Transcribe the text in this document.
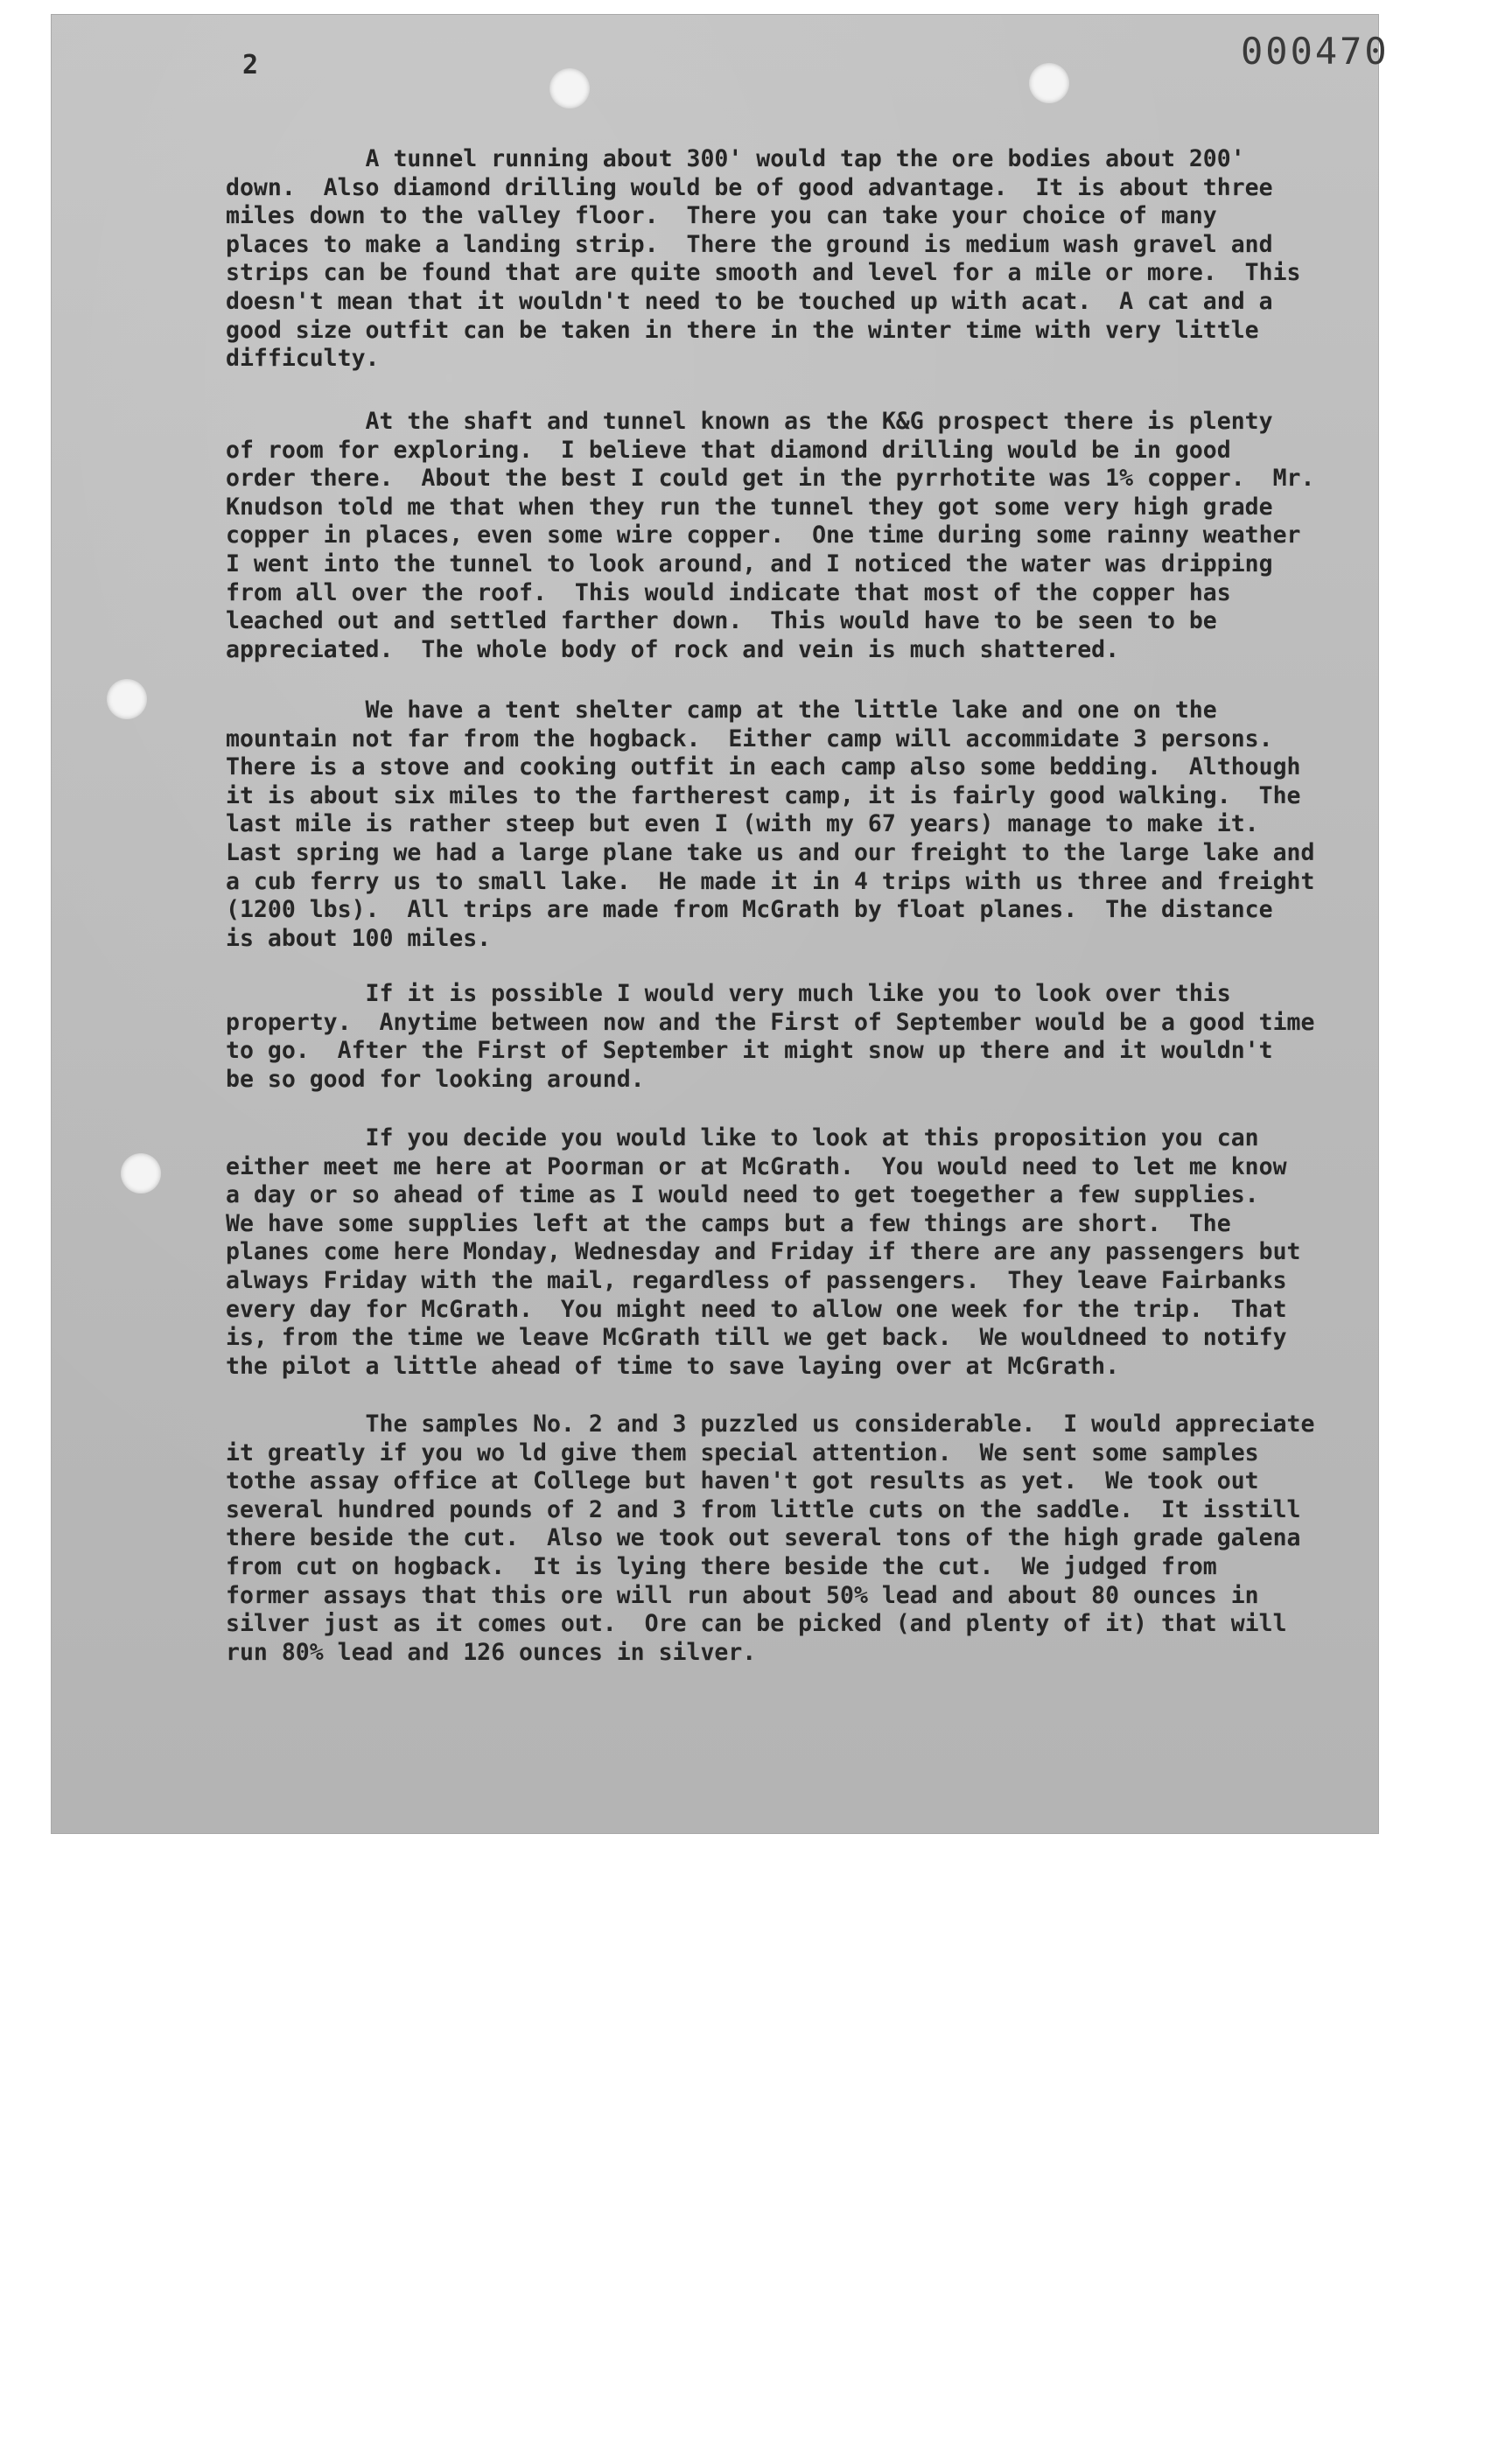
2	000470

A tunnel running about 300' would tap the ore bodies about 200'
down.  Also diamond drilling would be of good advantage.  It is about three
miles down to the valley floor.  There you can take your choice of many
places to make a landing strip.  There the ground is medium wash gravel and
strips can be found that are quite smooth and level for a mile or more.  This
doesn't mean that it wouldn't need to be touched up with acat.  A cat and a
good size outfit can be taken in there in the winter time with very little
difficulty.

At the shaft and tunnel known as the K&G prospect there is plenty
of room for exploring.  I believe that diamond drilling would be in good
order there.  About the best I could get in the pyrrhotite was 1% copper.  Mr.
Knudson told me that when they run the tunnel they got some very high grade
copper in places, even some wire copper.  One time during some rainny weather
I went into the tunnel to look around, and I noticed the water was dripping
from all over the roof.  This would indicate that most of the copper has
leached out and settled farther down.  This would have to be seen to be
appreciated.  The whole body of rock and vein is much shattered.

We have a tent shelter camp at the little lake and one on the
mountain not far from the hogback.  Either camp will accommidate 3 persons.
There is a stove and cooking outfit in each camp also some bedding.  Although
it is about six miles to the fartherest camp, it is fairly good walking.  The
last mile is rather steep but even I (with my 67 years) manage to make it.
Last spring we had a large plane take us and our freight to the large lake and
a cub ferry us to small lake.  He made it in 4 trips with us three and freight
(1200 lbs).  All trips are made from McGrath by float planes.  The distance
is about 100 miles.

If it is possible I would very much like you to look over this
property.  Anytime between now and the First of September would be a good time
to go.  After the First of September it might snow up there and it wouldn't
be so good for looking around.

If you decide you would like to look at this proposition you can
either meet me here at Poorman or at McGrath.  You would need to let me know
a day or so ahead of time as I would need to get toegether a few supplies.
We have some supplies left at the camps but a few things are short.  The
planes come here Monday, Wednesday and Friday if there are any passengers but
always Friday with the mail, regardless of passengers.  They leave Fairbanks
every day for McGrath.  You might need to allow one week for the trip.  That
is, from the time we leave McGrath till we get back.  We wouldneed to notify
the pilot a little ahead of time to save laying over at McGrath.

The samples No. 2 and 3 puzzled us considerable.  I would appreciate
it greatly if you wo ld give them special attention.  We sent some samples
tothe assay office at College but haven't got results as yet.  We took out
several hundred pounds of 2 and 3 from little cuts on the saddle.  It isstill
there beside the cut.  Also we took out several tons of the high grade galena
from cut on hogback.  It is lying there beside the cut.  We judged from
former assays that this ore will run about 50% lead and about 80 ounces in
silver just as it comes out.  Ore can be picked (and plenty of it) that will
run 80% lead and 126 ounces in silver.
